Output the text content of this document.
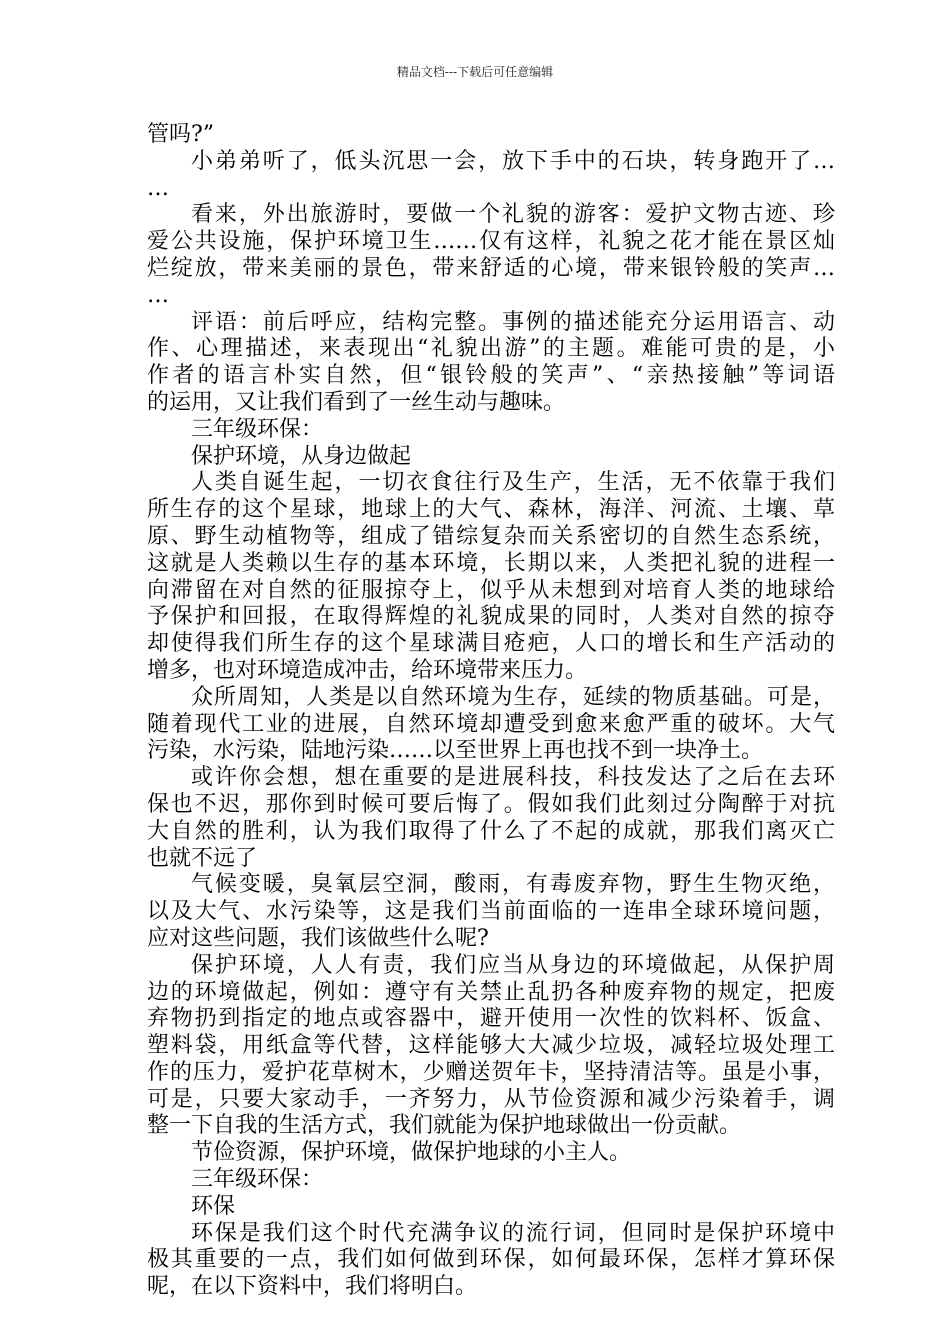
精品文档---下载后可任意编辑
管吗?”
小弟弟听了，低头沉思一会，放下手中的石块，转身跑开了…
…
看来，外出旅游时，要做一个礼貌的游客：爱护文物古迹、珍
爱公共设施，保护环境卫生……仅有这样，礼貌之花才能在景区灿
烂绽放，带来美丽的景色，带来舒适的心境，带来银铃般的笑声…
…
评语：前后呼应，结构完整。事例的描述能充分运用语言、动
作、心理描述，来表现出“礼貌出游”的主题。难能可贵的是，小
作者的语言朴实自然，但“银铃般的笑声”、“亲热接触”等词语
的运用，又让我们看到了一丝生动与趣味。
三年级环保：
保护环境，从身边做起
人类自诞生起，一切衣食往行及生产，生活，无不依靠于我们
所生存的这个星球，地球上的大气、森林，海洋、河流、土壤、草
原、野生动植物等，组成了错综复杂而关系密切的自然生态系统，
这就是人类赖以生存的基本环境，长期以来，人类把礼貌的进程一
向滞留在对自然的征服掠夺上，似乎从未想到对培育人类的地球给
予保护和回报，在取得辉煌的礼貌成果的同时，人类对自然的掠夺
却使得我们所生存的这个星球满目疮疤，人口的增长和生产活动的
增多，也对环境造成冲击，给环境带来压力。
众所周知，人类是以自然环境为生存，延续的物质基础。可是，
随着现代工业的进展，自然环境却遭受到愈来愈严重的破坏。大气
污染，水污染，陆地污染……以至世界上再也找不到一块净土。
或许你会想，想在重要的是进展科技，科技发达了之后在去环
保也不迟，那你到时候可要后悔了。假如我们此刻过分陶醉于对抗
大自然的胜利，认为我们取得了什么了不起的成就，那我们离灭亡
也就不远了
气候变暖，臭氧层空洞，酸雨，有毒废弃物，野生生物灭绝，
以及大气、水污染等，这是我们当前面临的一连串全球环境问题，
应对这些问题，我们该做些什么呢?
保护环境，人人有责，我们应当从身边的环境做起，从保护周
边的环境做起，例如：遵守有关禁止乱扔各种废弃物的规定，把废
弃物扔到指定的地点或容器中，避开使用一次性的饮料杯、饭盒、
塑料袋，用纸盒等代替，这样能够大大减少垃圾，减轻垃圾处理工
作的压力，爱护花草树木，少赠送贺年卡，坚持清洁等。虽是小事，
可是，只要大家动手，一齐努力，从节俭资源和减少污染着手，调
整一下自我的生活方式，我们就能为保护地球做出一份贡献。
节俭资源，保护环境，做保护地球的小主人。
三年级环保：
环保
环保是我们这个时代充满争议的流行词，但同时是保护环境中
极其重要的一点，我们如何做到环保，如何最环保，怎样才算环保
呢，在以下资料中，我们将明白。
